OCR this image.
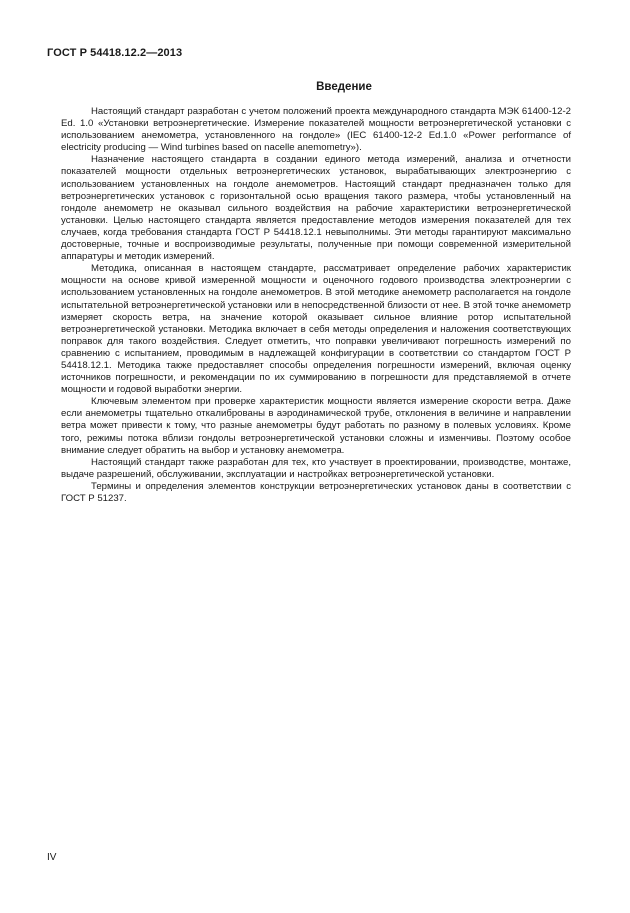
ГОСТ Р 54418.12.2—2013
Введение

Настоящий стандарт разработан с учетом положений проекта международного стандарта МЭК 61400-12-2 Ed. 1.0 «Установки ветроэнергетические. Измерение показателей мощности ветроэнергетической установки с использованием анемометра, установленного на гондоле» (IEC 61400-12-2 Ed.1.0 «Power performance of electricity producing — Wind turbines based on nacelle anemometry»).

Назначение настоящего стандарта в создании единого метода измерений, анализа и отчетности показателей мощности отдельных ветроэнергетических установок, вырабатывающих электроэнергию с использованием установленных на гондоле анемометров. Настоящий стандарт предназначен только для ветроэнергетических установок с горизонтальной осью вращения такого размера, чтобы установленный на гондоле анемометр не оказывал сильного воздействия на рабочие характеристики ветроэнергетической установки. Целью настоящего стандарта является предоставление методов измерения показателей для тех случаев, когда требования стандарта ГОСТ Р 54418.12.1 невыполнимы. Эти методы гарантируют максимально достоверные, точные и воспроизводимые результаты, полученные при помощи современной измерительной аппаратуры и методик измерений.

Методика, описанная в настоящем стандарте, рассматривает определение рабочих характеристик мощности на основе кривой измеренной мощности и оценочного годового производства электроэнергии с использованием установленных на гондоле анемометров. В этой методике анемометр располагается на гондоле испытательной ветроэнергетической установки или в непосредственной близости от нее. В этой точке анемометр измеряет скорость ветра, на значение которой оказывает сильное влияние ротор испытательной ветроэнергетической установки. Методика включает в себя методы определения и наложения соответствующих поправок для такого воздействия. Следует отметить, что поправки увеличивают погрешность измерений по сравнению с испытанием, проводимым в надлежащей конфигурации в соответствии со стандартом ГОСТ Р 54418.12.1. Методика также предоставляет способы определения погрешности измерений, включая оценку источников погрешности, и рекомендации по их суммированию в погрешности для представляемой в отчете мощности и годовой выработки энергии.

Ключевым элементом при проверке характеристик мощности является измерение скорости ветра. Даже если анемометры тщательно откалиброваны в аэродинамической трубе, отклонения в величине и направлении ветра может привести к тому, что разные анемометры будут работать по разному в полевых условиях. Кроме того, режимы потока вблизи гондолы ветроэнергетической установки сложны и изменчивы. Поэтому особое внимание следует обратить на выбор и установку анемометра.

Настоящий стандарт также разработан для тех, кто участвует в проектировании, производстве, монтаже, выдаче разрешений, обслуживании, эксплуатации и настройках ветроэнергетической установки.

Термины и определения элементов конструкции ветроэнергетических установок даны в соответствии с ГОСТ Р 51237.

IV
